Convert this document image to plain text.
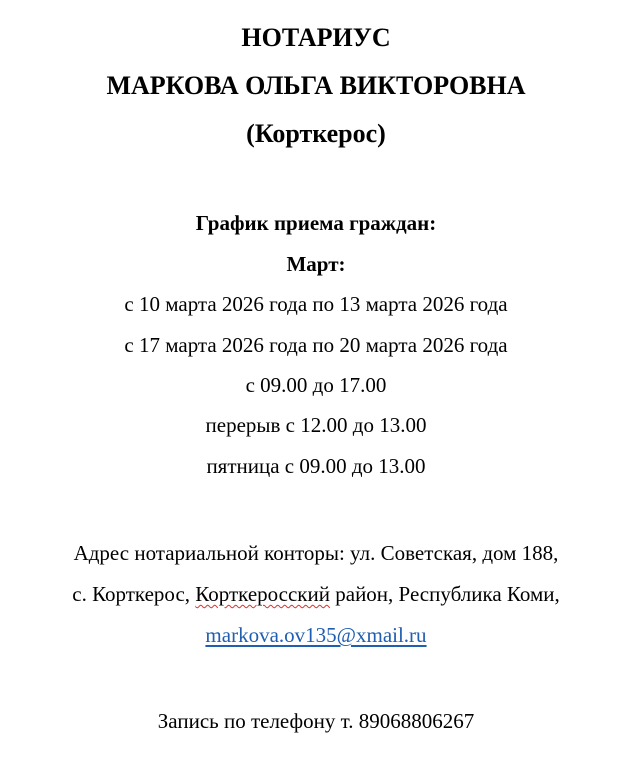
НОТАРИУС
МАРКОВА ОЛЬГА ВИКТОРОВНА
(Корткерос)
График приема граждан:
Март:
с 10 марта 2026 года по 13 марта 2026 года
с 17 марта 2026 года по 20 марта 2026 года
с 09.00 до 17.00
перерыв с 12.00 до 13.00
пятница с 09.00 до 13.00
Адрес нотариальной конторы: ул. Советская, дом 188,
с. Корткерос, Корткеросский район, Республика Коми,
markova.ov135@xmail.ru
Запись по телефону т. 89068806267
